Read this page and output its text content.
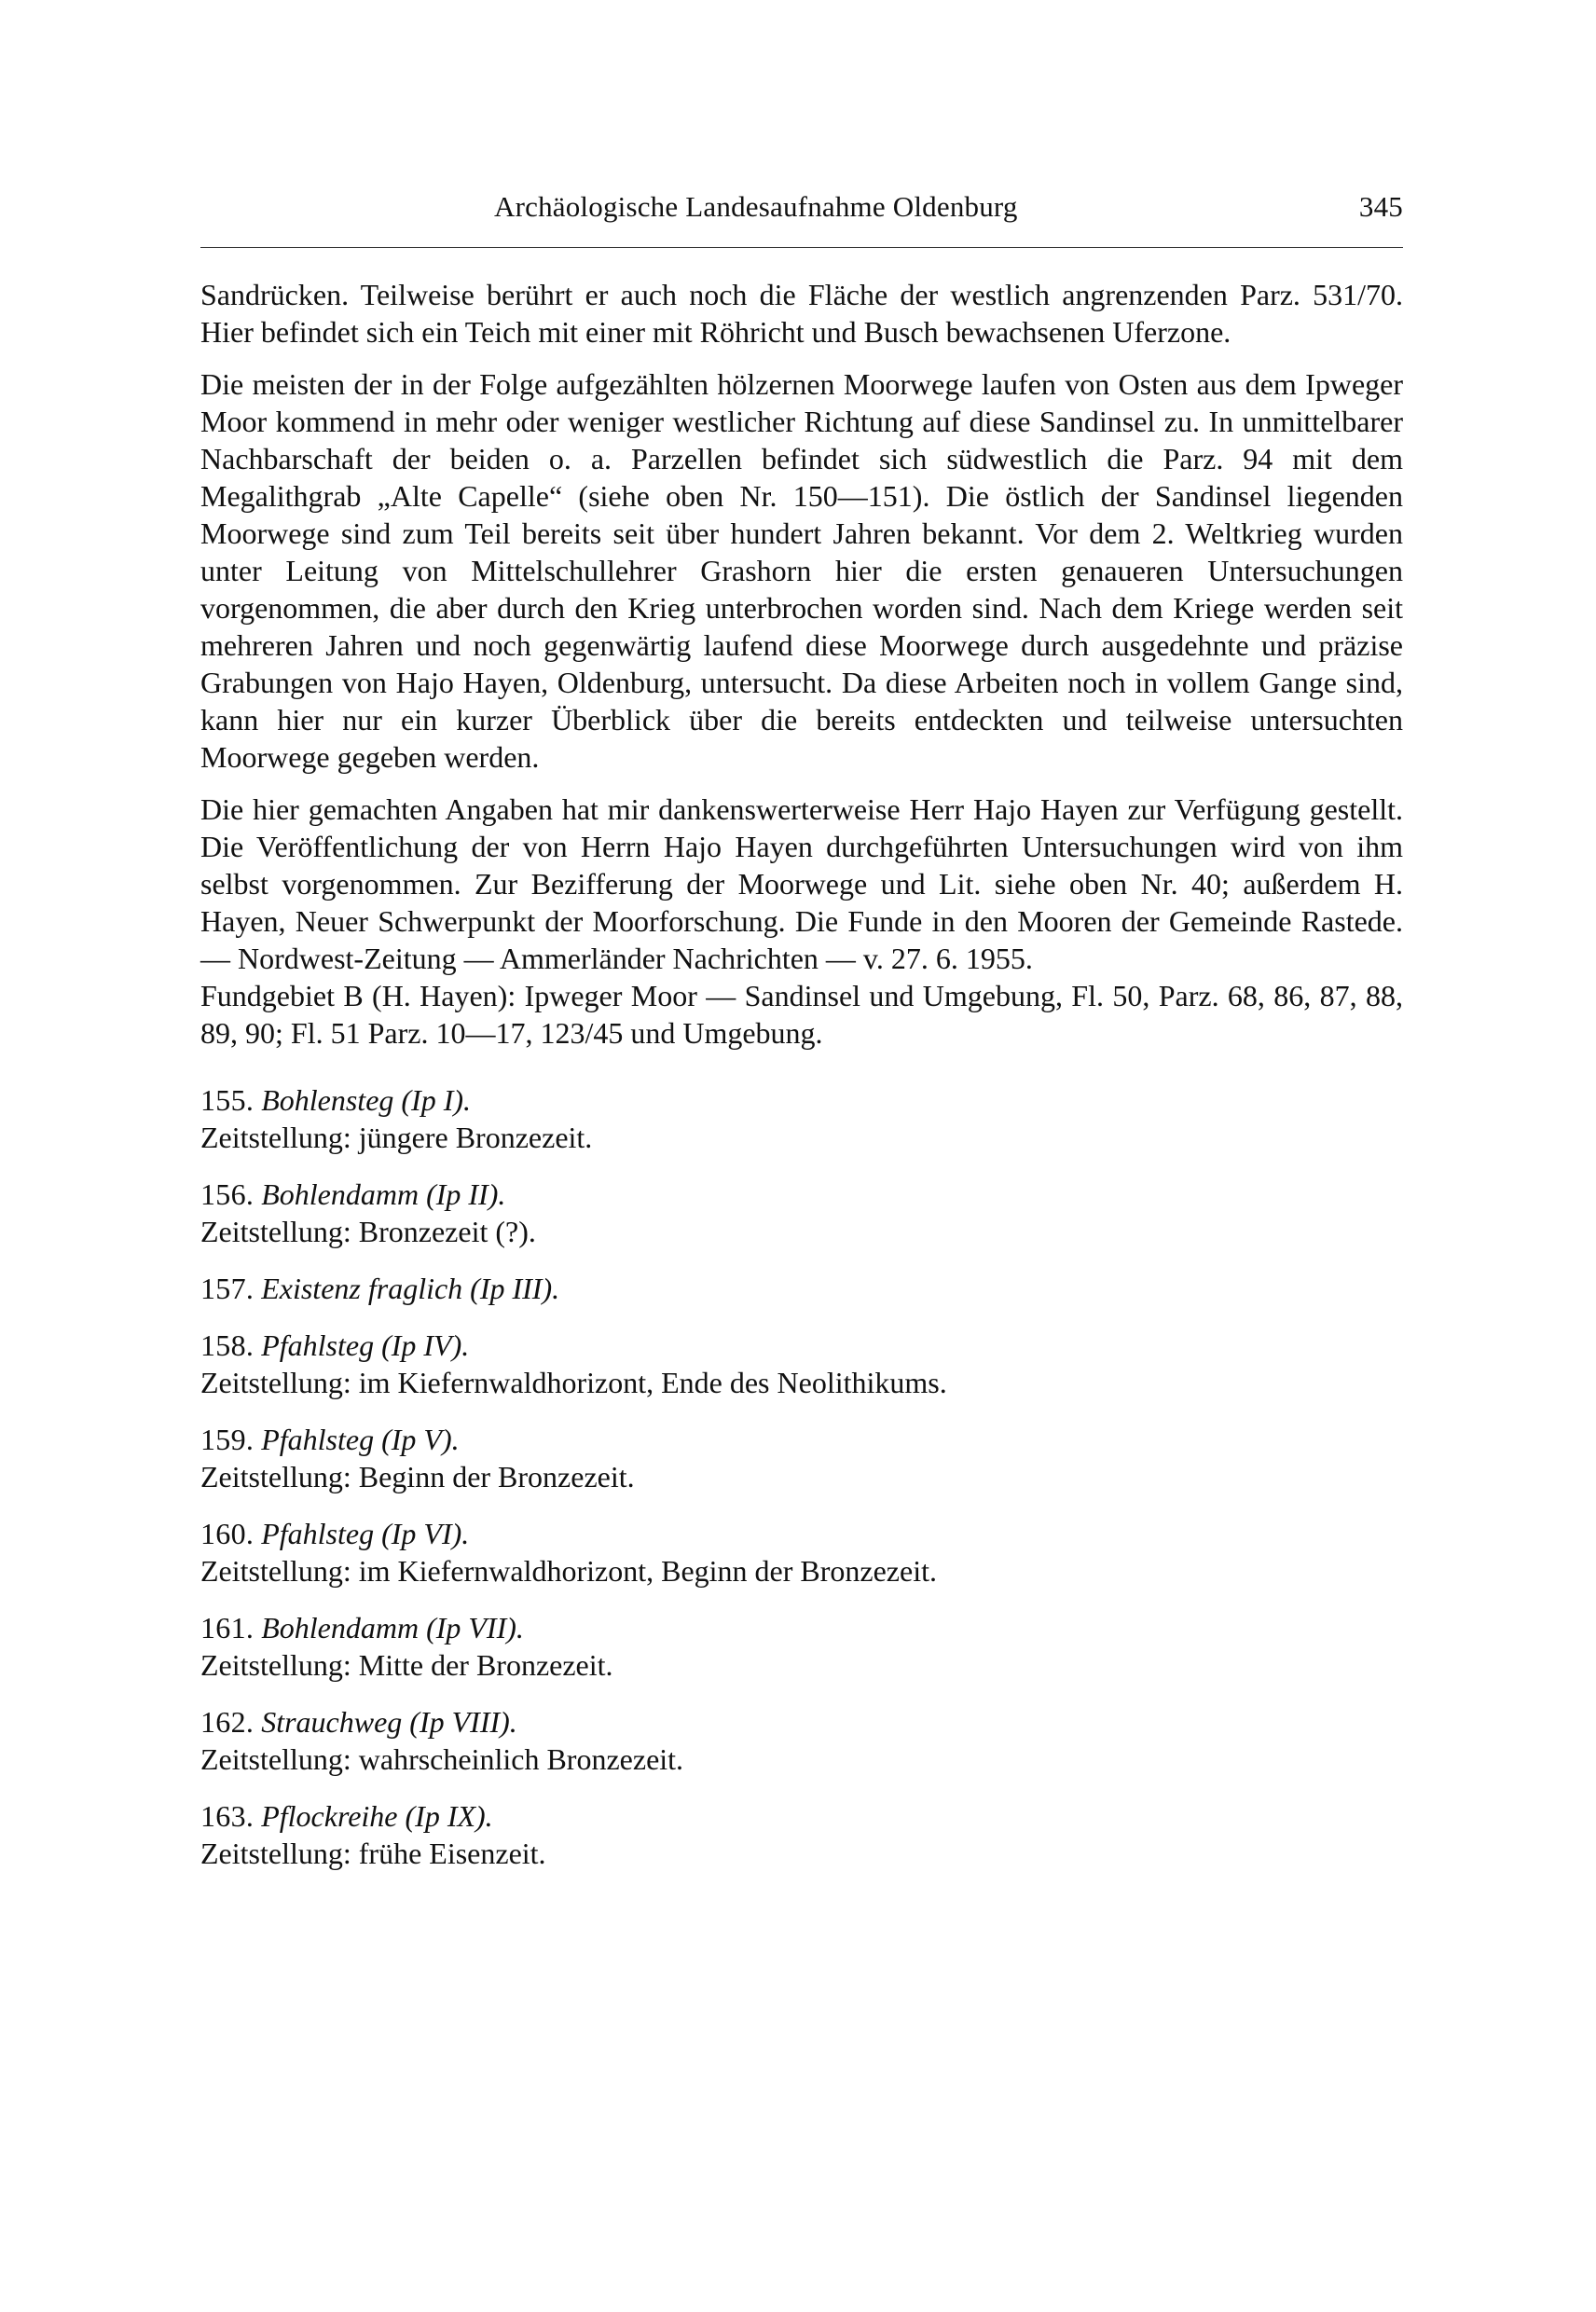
Archäologische Landesaufnahme Oldenburg	345

Sandrücken. Teilweise berührt er auch noch die Fläche der westlich angrenzenden Parz. 531/70. Hier befindet sich ein Teich mit einer mit Röhricht und Busch bewachsenen Uferzone.

Die meisten der in der Folge aufgezählten hölzernen Moorwege laufen von Osten aus dem Ipweger Moor kommend in mehr oder weniger westlicher Richtung auf diese Sandinsel zu. In unmittelbarer Nachbarschaft der beiden o. a. Parzellen befindet sich südwestlich die Parz. 94 mit dem Megalithgrab „Alte Capelle“ (siehe oben Nr. 150—151). Die östlich der Sandinsel liegenden Moorwege sind zum Teil bereits seit über hundert Jahren bekannt. Vor dem 2. Weltkrieg wurden unter Leitung von Mittelschullehrer Grashorn hier die ersten genaueren Untersuchungen vorgenommen, die aber durch den Krieg unterbrochen worden sind. Nach dem Kriege werden seit mehreren Jahren und noch gegenwärtig laufend diese Moorwege durch ausgedehnte und präzise Grabungen von Hajo Hayen, Oldenburg, untersucht. Da diese Arbeiten noch in vollem Gange sind, kann hier nur ein kurzer Überblick über die bereits entdeckten und teilweise untersuchten Moorwege gegeben werden.

Die hier gemachten Angaben hat mir dankenswerterweise Herr Hajo Hayen zur Verfügung gestellt. Die Veröffentlichung der von Herrn Hajo Hayen durchgeführten Untersuchungen wird von ihm selbst vorgenommen. Zur Bezifferung der Moorwege und Lit. siehe oben Nr. 40; außerdem H. Hayen, Neuer Schwerpunkt der Moorforschung. Die Funde in den Mooren der Gemeinde Rastede. — Nordwest-Zeitung — Ammerländer Nachrichten — v. 27. 6. 1955.

Fundgebiet B (H. Hayen): Ipweger Moor — Sandinsel und Umgebung, Fl. 50, Parz. 68, 86, 87, 88, 89, 90; Fl. 51 Parz. 10—17, 123/45 und Umgebung.

155. Bohlensteg (Ip I).
Zeitstellung: jüngere Bronzezeit.
156. Bohlendamm (Ip II).
Zeitstellung: Bronzezeit (?).
157. Existenz fraglich (Ip III).
158. Pfahlsteg (Ip IV).
Zeitstellung: im Kiefernwaldhorizont, Ende des Neolithikums.
159. Pfahlsteg (Ip V).
Zeitstellung: Beginn der Bronzezeit.
160. Pfahlsteg (Ip VI).
Zeitstellung: im Kiefernwaldhorizont, Beginn der Bronzezeit.
161. Bohlendamm (Ip VII).
Zeitstellung: Mitte der Bronzezeit.
162. Strauchweg (Ip VIII).
Zeitstellung: wahrscheinlich Bronzezeit.
163. Pflockreihe (Ip IX).
Zeitstellung: frühe Eisenzeit.
